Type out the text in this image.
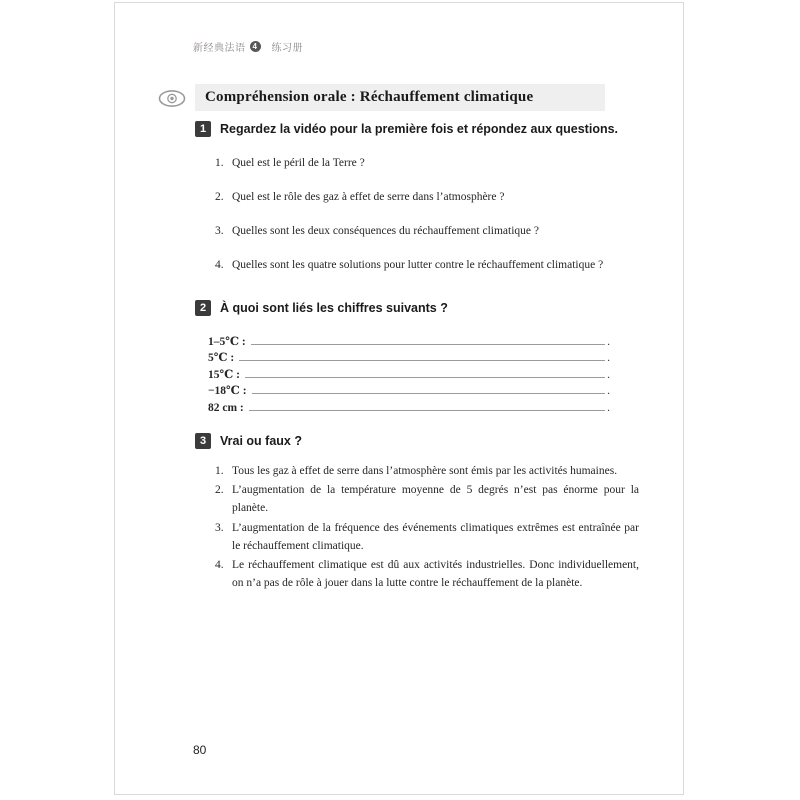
新经典法语 4	练习册
Compréhension orale : Réchauffement climatique
1	Regardez la vidéo pour la première fois et répondez aux questions.
1. Quel est le péril de la Terre ?
2. Quel est le rôle des gaz à effet de serre dans l’atmosphère ?
3. Quelles sont les deux conséquences du réchauffement climatique ?
4. Quelles sont les quatre solutions pour lutter contre le réchauffement climatique ?
2	À quoi sont liés les chiffres suivants ?
1–5℃ :	.
5℃ :	.
15℃ :	.
−18℃ :	.
82 cm :	.
3	Vrai ou faux ?
1. Tous les gaz à effet de serre dans l’atmosphère sont émis par les activités humaines.
2. L’augmentation de la température moyenne de 5 degrés n’est pas énorme pour la planète.
3. L’augmentation de la fréquence des événements climatiques extrêmes est entraînée par le réchauffement climatique.
4. Le réchauffement climatique est dû aux activités industrielles. Donc individuellement, on n’a pas de rôle à jouer dans la lutte contre le réchauffement de la planète.
80
